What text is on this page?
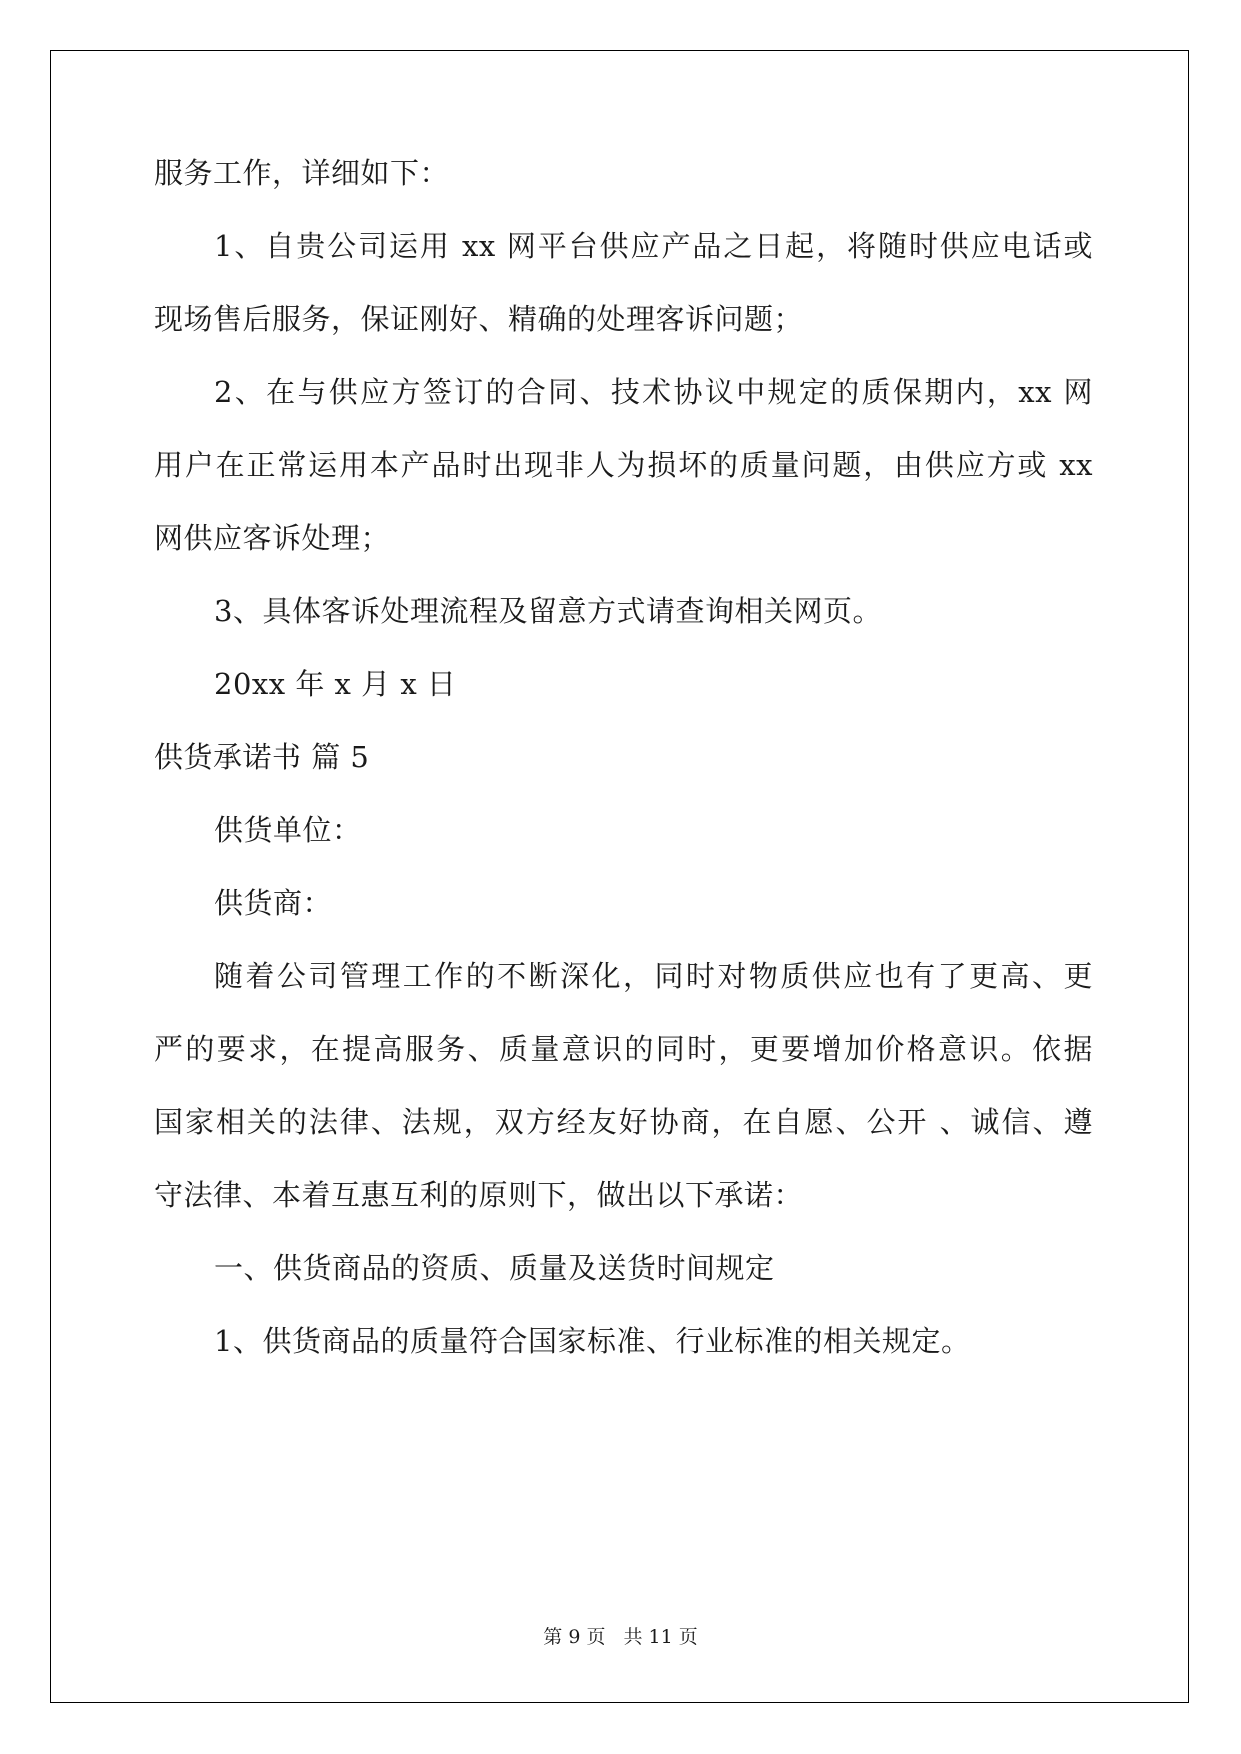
服务工作，详细如下：
1、自贵公司运用 xx 网平台供应产品之日起，将随时供应电话或
现场售后服务，保证刚好、精确的处理客诉问题；
2、在与供应方签订的合同、技术协议中规定的质保期内，xx 网
用户在正常运用本产品时出现非人为损坏的质量问题，由供应方或 xx
网供应客诉处理；
3、具体客诉处理流程及留意方式请查询相关网页。
20xx 年 x 月 x 日
供货承诺书 篇 5
供货单位：
供货商：
随着公司管理工作的不断深化，同时对物质供应也有了更高、更
严的要求，在提高服务、质量意识的同时，更要增加价格意识。依据
国家相关的法律、法规，双方经友好协商，在自愿、公开 、诚信、遵
守法律、本着互惠互利的原则下，做出以下承诺：
一、供货商品的资质、质量及送货时间规定
1、供货商品的质量符合国家标准、行业标准的相关规定。
第 9 页 共 11 页
